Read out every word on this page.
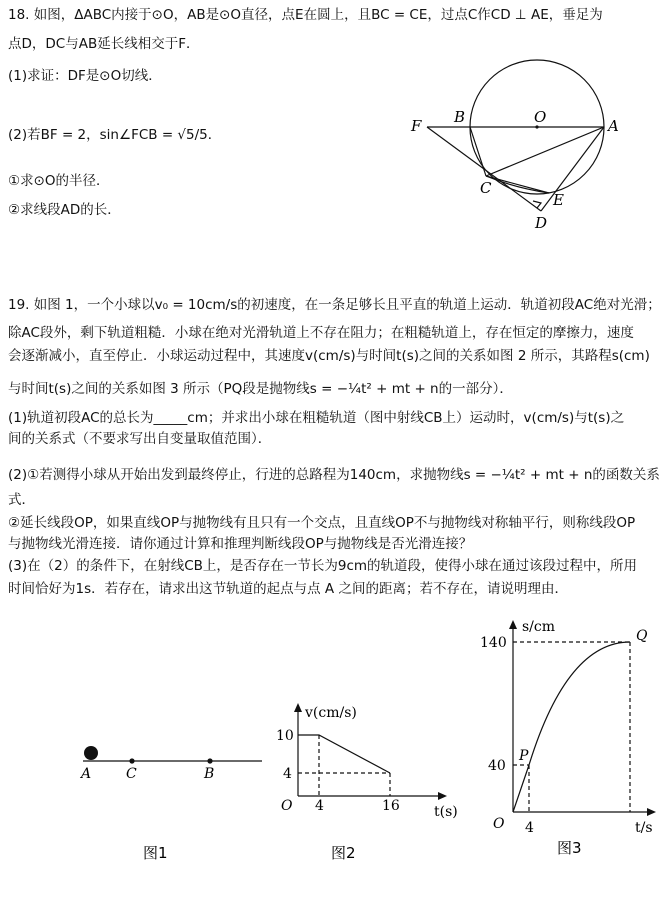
18. 如图，ΔABC内接于⊙O，AB是⊙O直径，点E在圆上，且BC = CE，过点C作CD ⊥ AE，垂足为
点D，DC与AB延长线相交于F．
(1)求证：DF是⊙O切线．
(2)若BF = 2，sin∠FCB = √5/5．
①求⊙O的半径．
②求线段AD的长．
F B	O	A
C
E
D
19. 如图 1，一个小球以v₀ = 10cm/s的初速度，在一条足够长且平直的轨道上运动．轨道初段AC绝对光滑；
除AC段外，剩下轨道粗糙．小球在绝对光滑轨道上不存在阻力；在粗糙轨道上，存在恒定的摩擦力，速度
会逐渐减小，直至停止．小球运动过程中，其速度v(cm/s)与时间t(s)之间的关系如图 2 所示，其路程s(cm)
与时间t(s)之间的关系如图 3 所示（PQ段是抛物线s = −¼t² + mt + n的一部分）．
(1)轨道初段AC的总长为_____cm；并求出小球在粗糙轨道（图中射线CB上）运动时，v(cm/s)与t(s)之
间的关系式（不要求写出自变量取值范围）．
(2)①若测得小球从开始出发到最终停止，行进的总路程为140cm，求抛物线s = −¼t² + mt + n的函数关系
式．
②延长线段OP，如果直线OP与抛物线有且只有一个交点，且直线OP不与抛物线对称轴平行，则称线段OP
与抛物线光滑连接．请你通过计算和推理判断线段OP与抛物线是否光滑连接？
(3)在（2）的条件下，在射线CB上，是否存在一节长为9cm的轨道段，使得小球在通过该段过程中，所用
时间恰好为1s．若存在，请求出这节轨道的起点与点 A 之间的距离；若不存在，请说明理由．
A C	B
图1
v(cm/s)
t(s)
O
10
4
4	16
图2
s/cm
t/s
O
140
40
4
P
Q
图3
